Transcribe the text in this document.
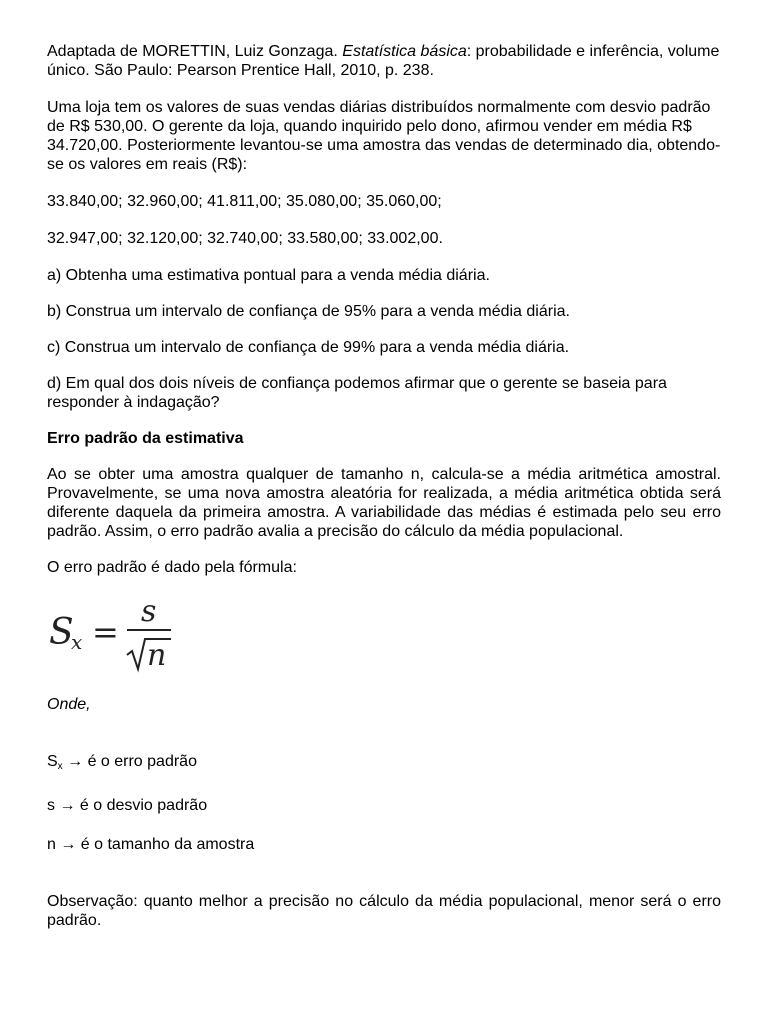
Adaptada de MORETTIN, Luiz Gonzaga. Estatística básica: probabilidade e inferência, volume único. São Paulo: Pearson Prentice Hall, 2010, p. 238.

Uma loja tem os valores de suas vendas diárias distribuídos normalmente com desvio padrão de R$ 530,00. O gerente da loja, quando inquirido pelo dono, afirmou vender em média R$ 34.720,00. Posteriormente levantou-se uma amostra das vendas de determinado dia, obtendo-se os valores em reais (R$):

33.840,00; 32.960,00; 41.811,00; 35.080,00; 35.060,00;

32.947,00; 32.120,00; 32.740,00; 33.580,00; 33.002,00.

a) Obtenha uma estimativa pontual para a venda média diária.

b) Construa um intervalo de confiança de 95% para a venda média diária.

c) Construa um intervalo de confiança de 99% para a venda média diária.

d) Em qual dos dois níveis de confiança podemos afirmar que o gerente se baseia para responder à indagação?

Erro padrão da estimativa

Ao se obter uma amostra qualquer de tamanho n, calcula-se a média aritmética amostral. Provavelmente, se uma nova amostra aleatória for realizada, a média aritmética obtida será diferente daquela da primeira amostra. A variabilidade das médias é estimada pelo seu erro padrão. Assim, o erro padrão avalia a precisão do cálculo da média populacional.

O erro padrão é dado pela fórmula:

S
x =
s
n

Onde,

$S_x$ → é o erro padrão

s → é o desvio padrão

n → é o tamanho da amostra

Observação: quanto melhor a precisão no cálculo da média populacional, menor será o erro padrão.
